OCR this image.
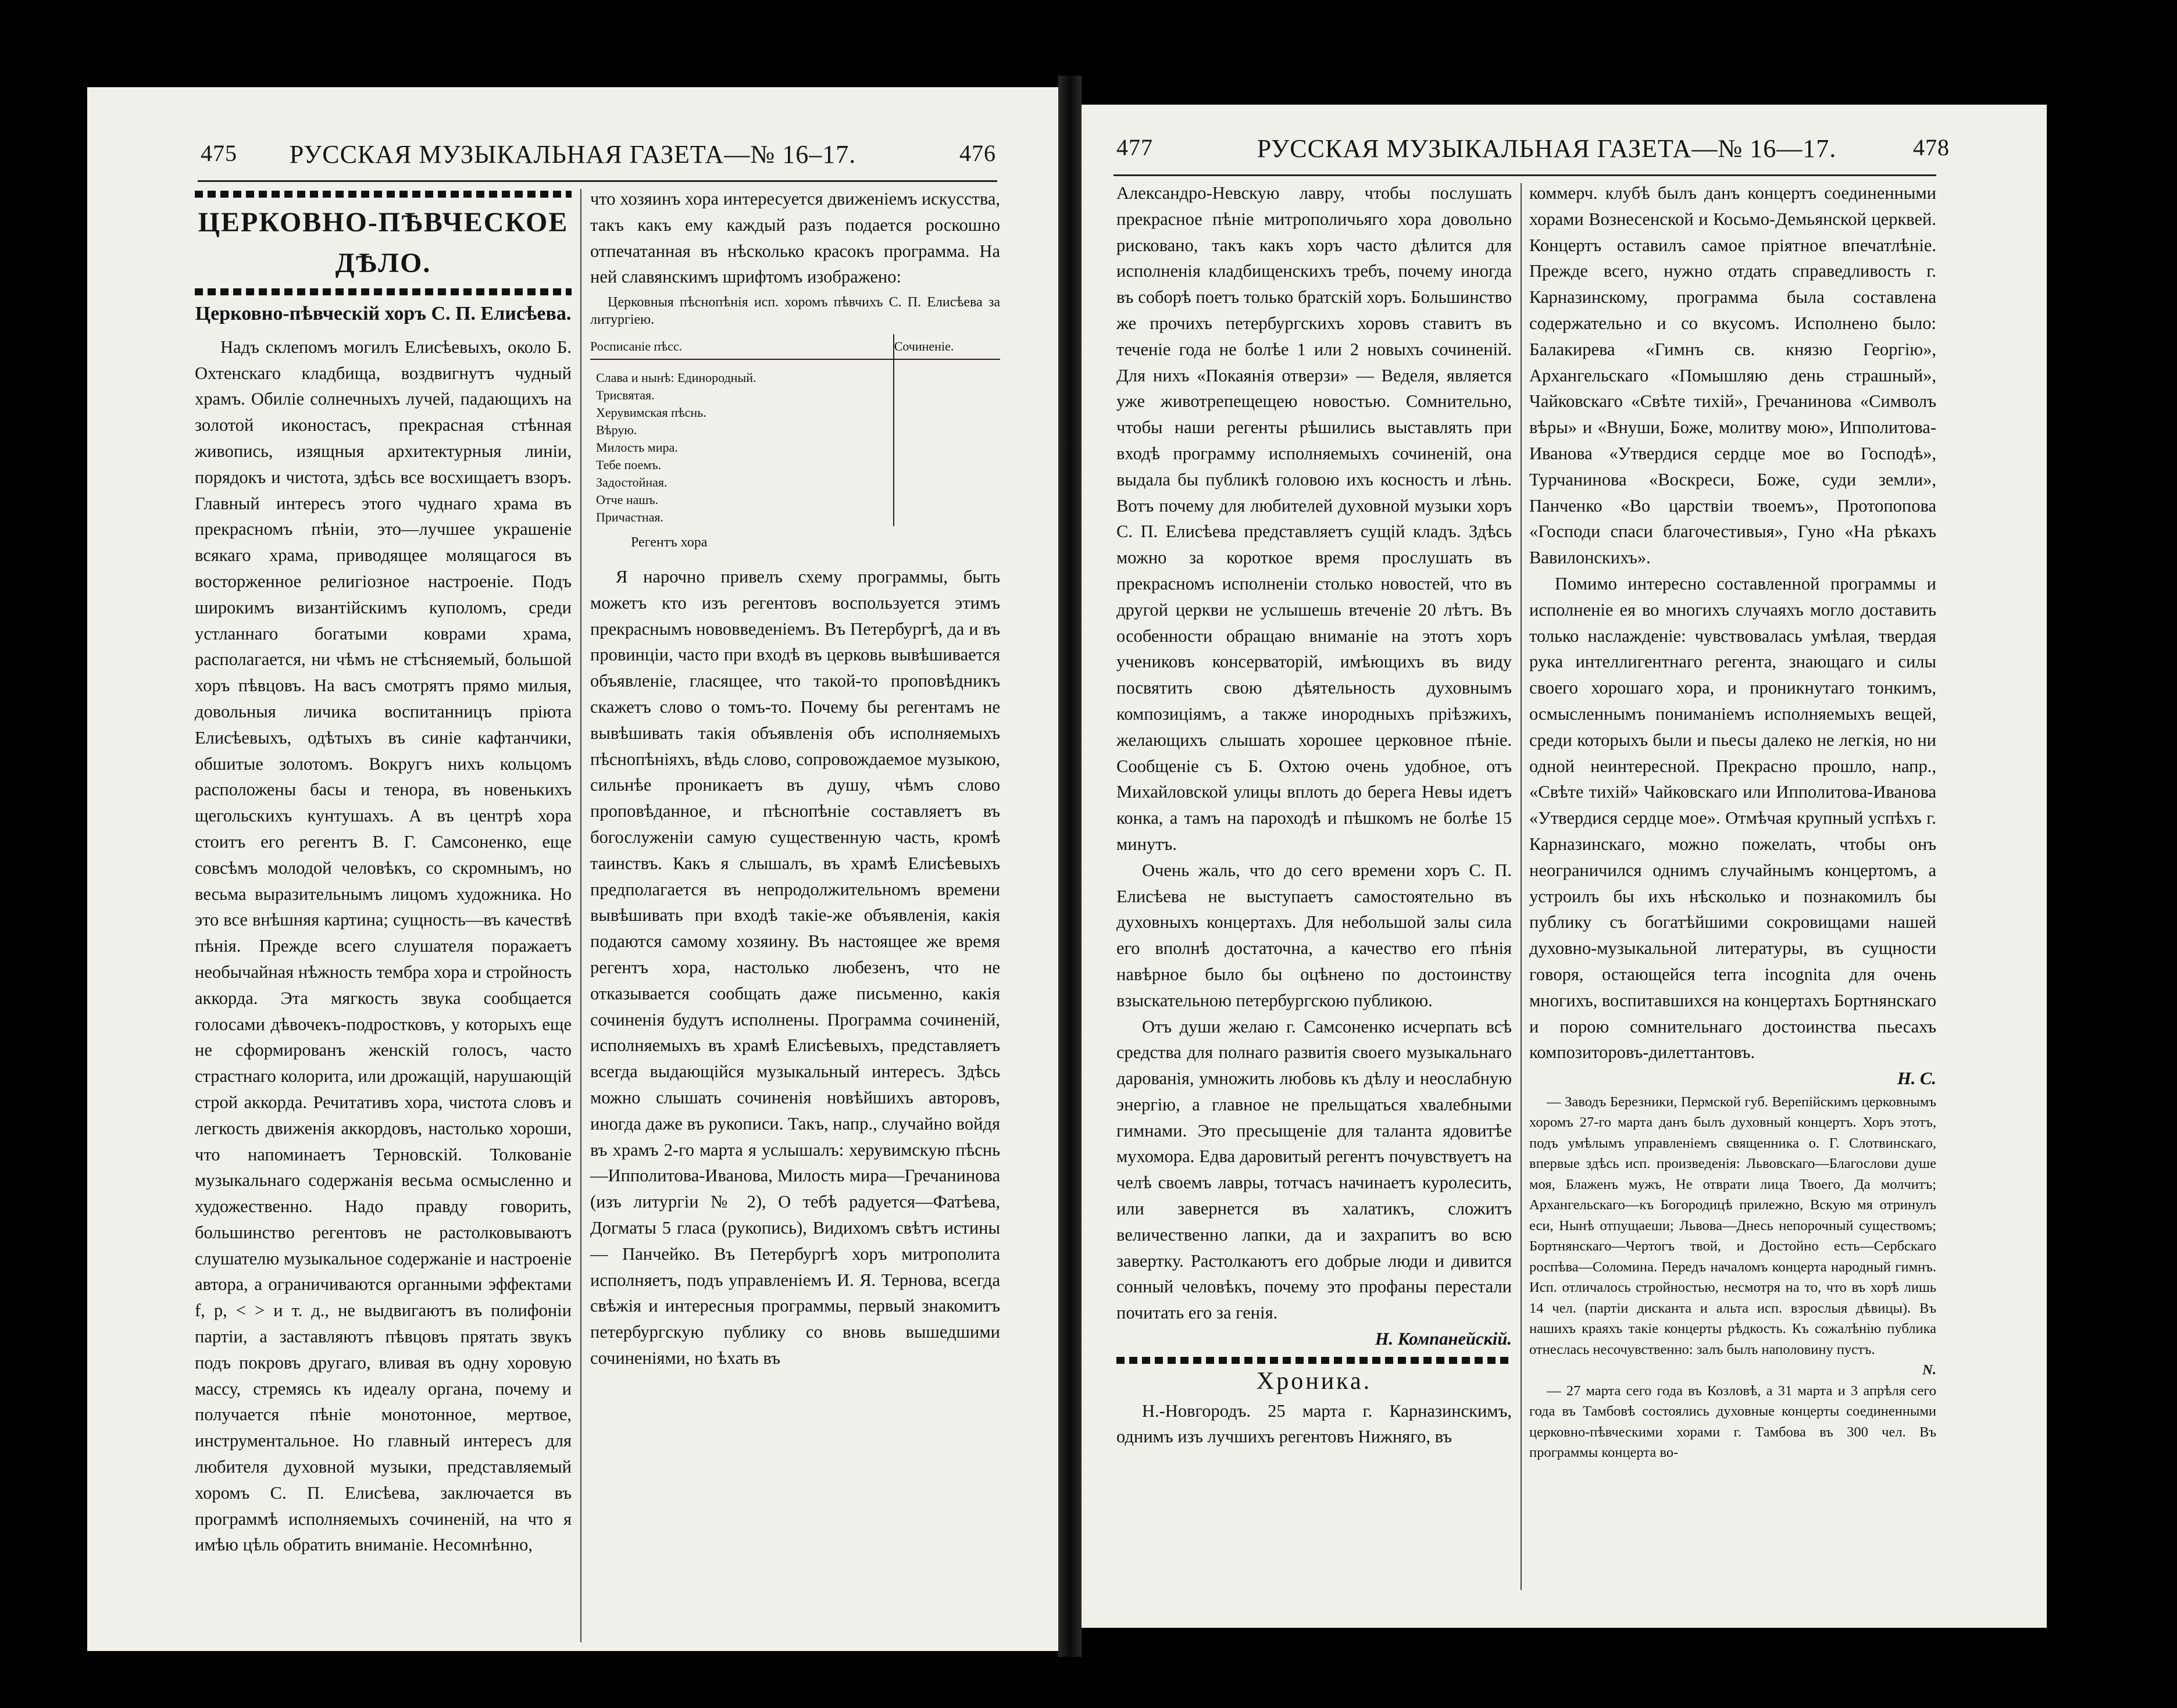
475	РУССКАЯ МУЗЫКАЛЬНАЯ ГАЗЕТА—№ 16–17.	476
ЦЕРКОВНО-ПѢВЧЕСКОЕ ДѢЛО.
Церковно-пѣвческій хоръ С. П. Елисѣева.

Надъ склепомъ могилъ Елисѣевыхъ, около Б. Охтенскаго кладбища, воздвигнутъ чудный храмъ. Обиліе солнечныхъ лучей, падающихъ на золотой иконостасъ, прекрасная стѣнная живопись, изящныя архитектурныя линіи, порядокъ и чистота, здѣсь все восхищаетъ взоръ. Главный интересъ этого чуднаго храма въ прекрасномъ пѣніи, это—лучшее украшеніе всякаго храма, приводящее молящагося въ восторженное религіозное настроеніе. Подъ широкимъ византійскимъ куполомъ, среди устланнаго богатыми коврами храма, располагается, ни чѣмъ не стѣсняемый, большой хоръ пѣвцовъ. На васъ смотрятъ прямо милыя, довольныя личика воспитанницъ пріюта Елисѣевыхъ, одѣтыхъ въ синіе кафтанчики, обшитые золотомъ. Вокругъ нихъ кольцомъ расположены басы и тенора, въ новенькихъ щегольскихъ кунтушахъ. А въ центрѣ хора стоитъ его регентъ В. Г. Самсоненко, еще совсѣмъ молодой человѣкъ, со скромнымъ, но весьма выразительнымъ лицомъ художника. Но это все внѣшняя картина; сущность—въ качествѣ пѣнія. Прежде всего слушателя поражаетъ необычайная нѣжность тембра хора и стройность аккорда. Эта мягкость звука сообщается голосами дѣвочекъ-подростковъ, у которыхъ еще не сформированъ женскій голосъ, часто страстнаго колорита, или дрожащій, нарушающій строй аккорда. Речитативъ хора, чистота словъ и легкость движенія аккордовъ, настолько хороши, что напоминаетъ Терновскій. Толкованіе музыкальнаго содержанія весьма осмысленно и художественно. Надо правду говорить, большинство регентовъ не растолковываютъ слушателю музыкальное содержаніе и настроеніе автора, а ограничиваются органными эффектами f, p, < > и т. д., не выдвигаютъ въ полифоніи партіи, а заставляютъ пѣвцовъ прятать звукъ подъ покровъ другаго, вливая въ одну хоровую массу, стремясь къ идеалу органа, почему и получается пѣніе монотонное, мертвое, инструментальное. Но главный интересъ для любителя духовной музыки, представляемый хоромъ С. П. Елисѣева, заключается въ программѣ исполняемыхъ сочиненій, на что я имѣю цѣль обратить вниманіе. Несомнѣнно,

что хозяинъ хора интересуется движеніемъ искусства, такъ какъ ему каждый разъ подается роскошно отпечатанная въ нѣсколько красокъ программа. На ней славянскимъ шрифтомъ изображено:

Церковныя пѣснопѣнія исп. хоромъ пѣвчихъ С. П. Елисѣева за литургіею.
Росписаніе пѣсс.	Сочиненіе.
Слава и нынѣ: Единородный.	
Трисвятая.	
Херувимская пѣснь.	
Вѣрую.	
Милость мира.	
Тебе поемъ.	
Задостойная.	
Отче нашъ.	
Причастная.	
Регентъ хора

Я нарочно привелъ схему программы, быть можетъ кто изъ регентовъ воспользуется этимъ прекраснымъ нововведеніемъ. Въ Петербургѣ, да и въ провинціи, часто при входѣ въ церковь вывѣшивается объявленіе, гласящее, что такой-то проповѣдникъ скажетъ слово о томъ-то. Почему бы регентамъ не вывѣшивать такія объявленія объ исполняемыхъ пѣснопѣніяхъ, вѣдь слово, сопровождаемое музыкою, сильнѣе проникаетъ въ душу, чѣмъ слово проповѣданное, и пѣснопѣніе составляетъ въ богослуженіи самую существенную часть, кромѣ таинствъ. Какъ я слышалъ, въ храмѣ Елисѣевыхъ предполагается въ непродолжительномъ времени вывѣшивать при входѣ такіе-же объявленія, какія подаются самому хозяину. Въ настоящее же время регентъ хора, настолько любезенъ, что не отказывается сообщать даже письменно, какія сочиненія будутъ исполнены. Программа сочиненій, исполняемыхъ въ храмѣ Елисѣевыхъ, представляетъ всегда выдающійся музыкальный интересъ. Здѣсь можно слышать сочиненія новѣйшихъ авторовъ, иногда даже въ рукописи. Такъ, напр., случайно войдя въ храмъ 2-го марта я услышалъ: херувимскую пѣснь—Ипполитова-Иванова, Милость мира—Гречанинова (изъ литургіи № 2), О тебѣ радуется—Фатѣева, Догматы 5 гласа (рукопись), Видихомъ свѣтъ истины — Панчейко. Въ Петербургѣ хоръ митрополита исполняетъ, подъ управленіемъ И. Я. Тернова, всегда свѣжія и интересныя программы, первый знакомитъ петербургскую публику со вновь вышедшими сочиненіями, но ѣхать въ

477	РУССКАЯ МУЗЫКАЛЬНАЯ ГАЗЕТА—№ 16—17.	478

Александро-Невскую лавру, чтобы послушать прекрасное пѣніе митрополичьяго хора довольно рисковано, такъ какъ хоръ часто дѣлится для исполненія кладбищенскихъ требъ, почему иногда въ соборѣ поетъ только братскій хоръ. Большинство же прочихъ петербургскихъ хоровъ ставитъ въ теченіе года не болѣе 1 или 2 новыхъ сочиненій. Для нихъ «Покаянія отверзи» — Веделя, является уже животрепещещею новостью. Сомнительно, чтобы наши регенты рѣшились выставлять при входѣ программу исполняемыхъ сочиненій, она выдала бы публикѣ головою ихъ косность и лѣнь. Вотъ почему для любителей духовной музыки хоръ С. П. Елисѣева представляетъ сущій кладъ. Здѣсь можно за короткое время прослушать въ прекрасномъ исполненіи столько новостей, что въ другой церкви не услышешь втеченіе 20 лѣтъ. Въ особенности обращаю вниманіе на этотъ хоръ учениковъ консерваторій, имѣющихъ въ виду посвятить свою дѣятельность духовнымъ композиціямъ, а также инородныхъ пріѣзжихъ, желающихъ слышать хорошее церковное пѣніе. Сообщеніе съ Б. Охтою очень удобное, отъ Михайловской улицы вплоть до берега Невы идетъ конка, а тамъ на пароходѣ и пѣшкомъ не болѣе 15 минутъ.

Очень жаль, что до сего времени хоръ С. П. Елисѣева не выступаетъ самостоятельно въ духовныхъ концертахъ. Для небольшой залы сила его вполнѣ достаточна, а качество его пѣнія навѣрное было бы оцѣнено по достоинству взыскательною петербургскою публикою.

Отъ души желаю г. Самсоненко исчерпать всѣ средства для полнаго развитія своего музыкальнаго дарованія, умножить любовь къ дѣлу и неослабную энергію, а главное не прельщаться хвалебными гимнами. Это пресыщеніе для таланта ядовитѣе мухомора. Едва даровитый регентъ почувствуетъ на челѣ своемъ лавры, тотчасъ начинаетъ куролесить, или завернется въ халатикъ, сложитъ величественно лапки, да и захрапитъ во всю завертку. Растолкаютъ его добрые люди и дивится сонный человѣкъ, почему это профаны перестали почитать его за генія.

Н. Компанейскій.
Хроника.

Н.-Новгородъ. 25 марта г. Карназинскимъ, однимъ изъ лучшихъ регентовъ Нижняго, въ

коммерч. клубѣ былъ данъ концертъ соединенными хорами Вознесенской и Косьмо-Демьянской церквей. Концертъ оставилъ самое пріятное впечатлѣніе. Прежде всего, нужно отдать справедливость г. Карназинскому, программа была составлена содержательно и со вкусомъ. Исполнено было: Балакирева «Гимнъ св. князю Георгію», Архангельскаго «Помышляю день страшный», Чайковскаго «Свѣте тихій», Гречанинова «Символъ вѣры» и «Внуши, Боже, молитву мою», Ипполитова-Иванова «Утвердися сердце мое во Господѣ», Турчанинова «Воскреси, Боже, суди земли», Панченко «Во царствіи твоемъ», Протопопова «Господи спаси благочестивыя», Гуно «На рѣкахъ Вавилонскихъ».

Помимо интересно составленной программы и исполненіе ея во многихъ случаяхъ могло доставить только наслажденіе: чувствовалась умѣлая, твердая рука интеллигентнаго регента, знающаго и силы своего хорошаго хора, и проникнутаго тонкимъ, осмысленнымъ пониманіемъ исполняемыхъ вещей, среди которыхъ были и пьесы далеко не легкія, но ни одной неинтересной. Прекрасно прошло, напр., «Свѣте тихій» Чайковскаго или Ипполитова-Иванова «Утвердися сердце мое». Отмѣчая крупный успѣхъ г. Карназинскаго, можно пожелать, чтобы онъ неограничился однимъ случайнымъ концертомъ, а устроилъ бы ихъ нѣсколько и познакомилъ бы публику съ богатѣйшими сокровищами нашей духовно-музыкальной литературы, въ сущности говоря, остающейся terra incognita для очень многихъ, воспитавшихся на концертахъ Бортнянскаго и порою сомнительнаго достоинства пьесахъ композиторовъ-дилеттантовъ.

Н. С.

— Заводъ Березники, Пермской губ. Верепійскимъ церковнымъ хоромъ 27-го марта данъ былъ духовный концертъ. Хоръ этотъ, подъ умѣлымъ управленіемъ священника о. Г. Слотвинскаго, впервые здѣсь исп. произведенія: Львовскаго—Благослови душе моя, Блаженъ мужъ, Не отврати лица Твоего, Да молчитъ; Архангельскаго—къ Богородицѣ прилежно, Вскую мя отринулъ еси, Нынѣ отпущаеши; Львова—Днесь непорочный существомъ; Бортнянскаго—Чертогъ твой, и Достойно есть—Сербскаго роспѣва—Соломина. Передъ началомъ концерта народный гимнъ. Исп. отличалось стройностью, несмотря на то, что въ хорѣ лишь 14 чел. (партіи дисканта и альта исп. взрослыя дѣвицы). Въ нашихъ краяхъ такіе концерты рѣдкость. Къ сожалѣнію публика отнеслась несочувственно: залъ былъ наполовину пустъ.

N.

— 27 марта сего года въ Козловѣ, а 31 марта и 3 апрѣля сего года въ Тамбовѣ состоялись духовные концерты соединенными церковно-пѣвческими хорами г. Тамбова въ 300 чел. Въ программы концерта во-
